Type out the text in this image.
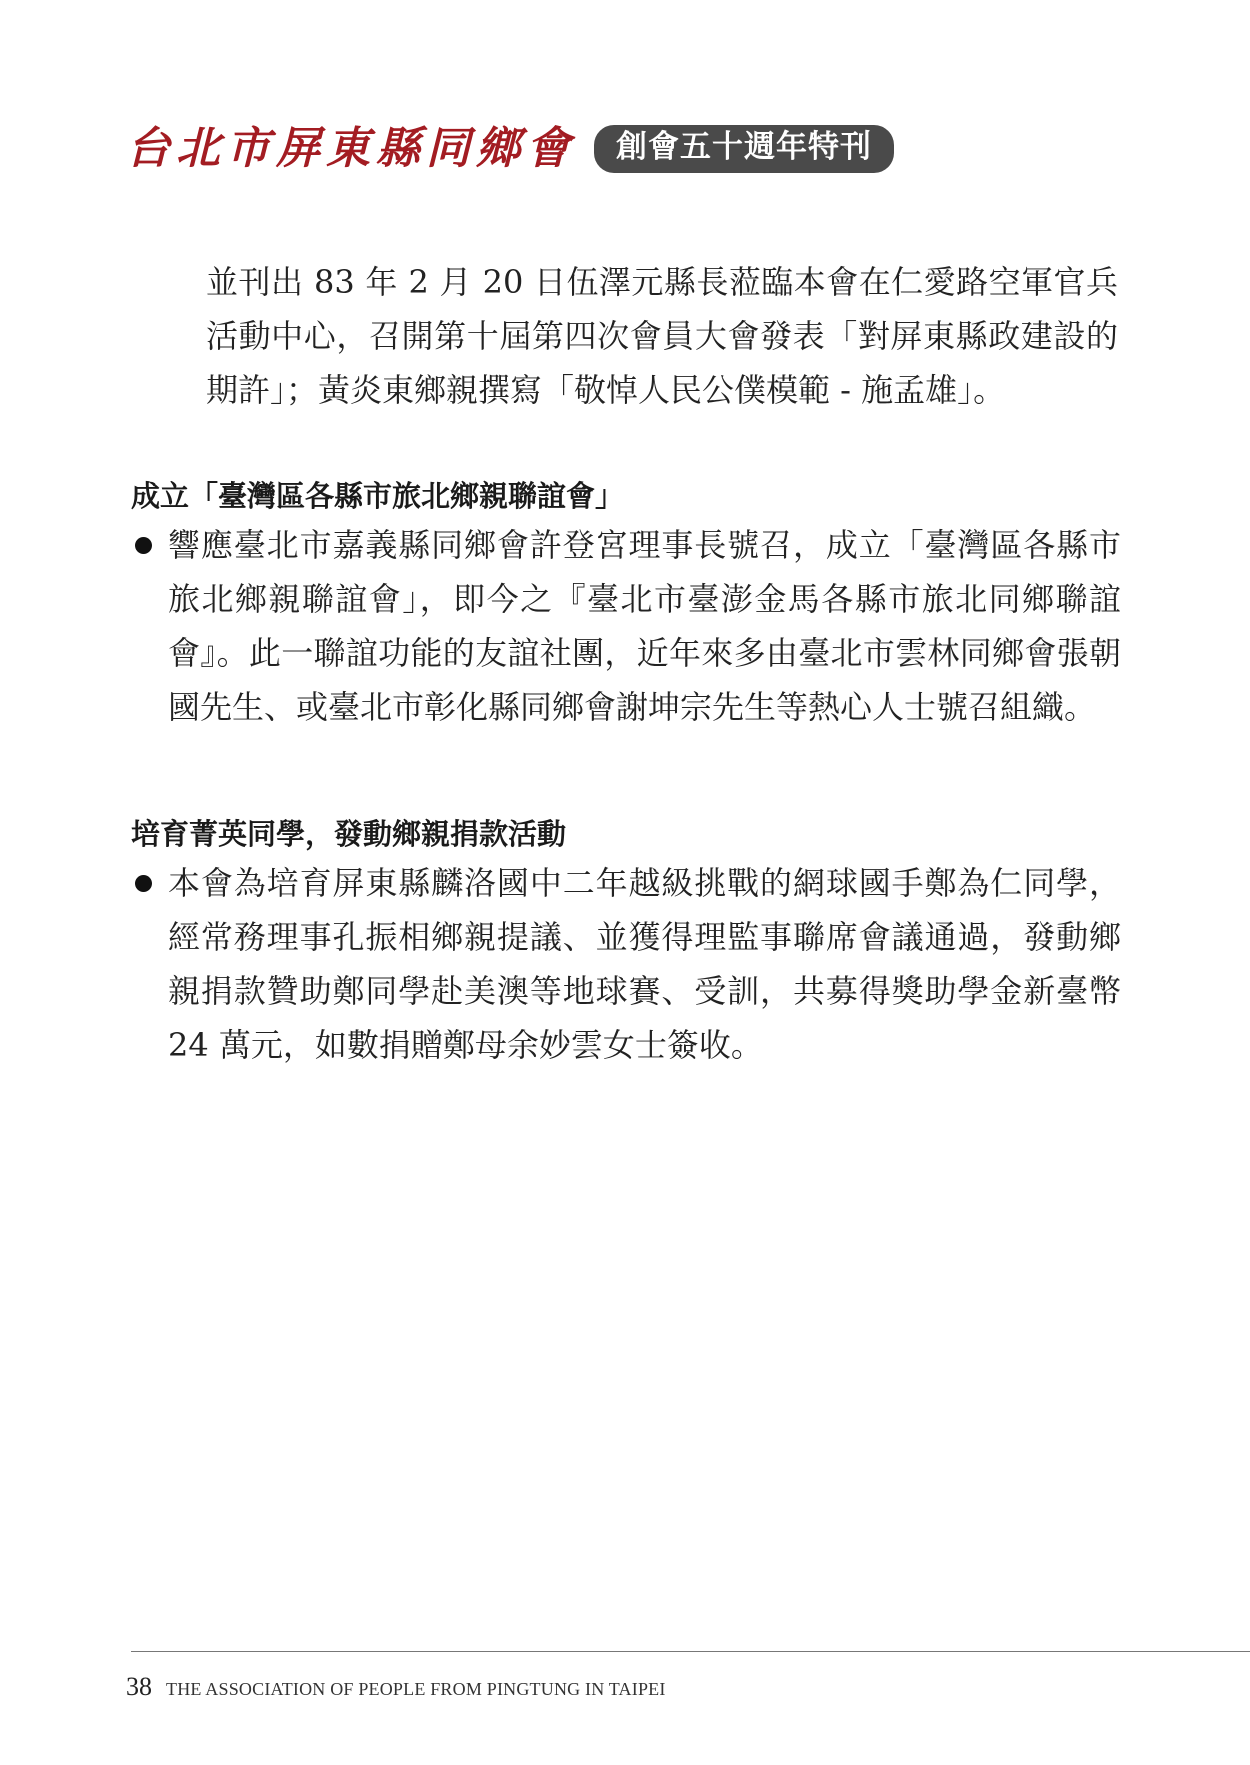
台北市屏東縣同鄉會	創會五十週年特刊

並刊出 83 年 2 月 20 日伍澤元縣長蒞臨本會在仁愛路空軍官兵活動中心，召開第十屆第四次會員大會發表「對屏東縣政建設的期許」；黃炎東鄉親撰寫「敬悼人民公僕模範 - 施孟雄」。

成立「臺灣區各縣市旅北鄉親聯誼會」
響應臺北市嘉義縣同鄉會許登宮理事長號召，成立「臺灣區各縣市旅北鄉親聯誼會」，即今之『臺北市臺澎金馬各縣市旅北同鄉聯誼會』。此一聯誼功能的友誼社團，近年來多由臺北市雲林同鄉會張朝國先生、或臺北市彰化縣同鄉會謝坤宗先生等熱心人士號召組織。
培育菁英同學，發動鄉親捐款活動
本會為培育屏東縣麟洛國中二年越級挑戰的網球國手鄭為仁同學，經常務理事孔振相鄉親提議、並獲得理監事聯席會議通過，發動鄉親捐款贊助鄭同學赴美澳等地球賽、受訓，共募得獎助學金新臺幣 24 萬元，如數捐贈鄭母余妙雲女士簽收。
38 THE ASSOCIATION OF PEOPLE FROM PINGTUNG IN TAIPEI
